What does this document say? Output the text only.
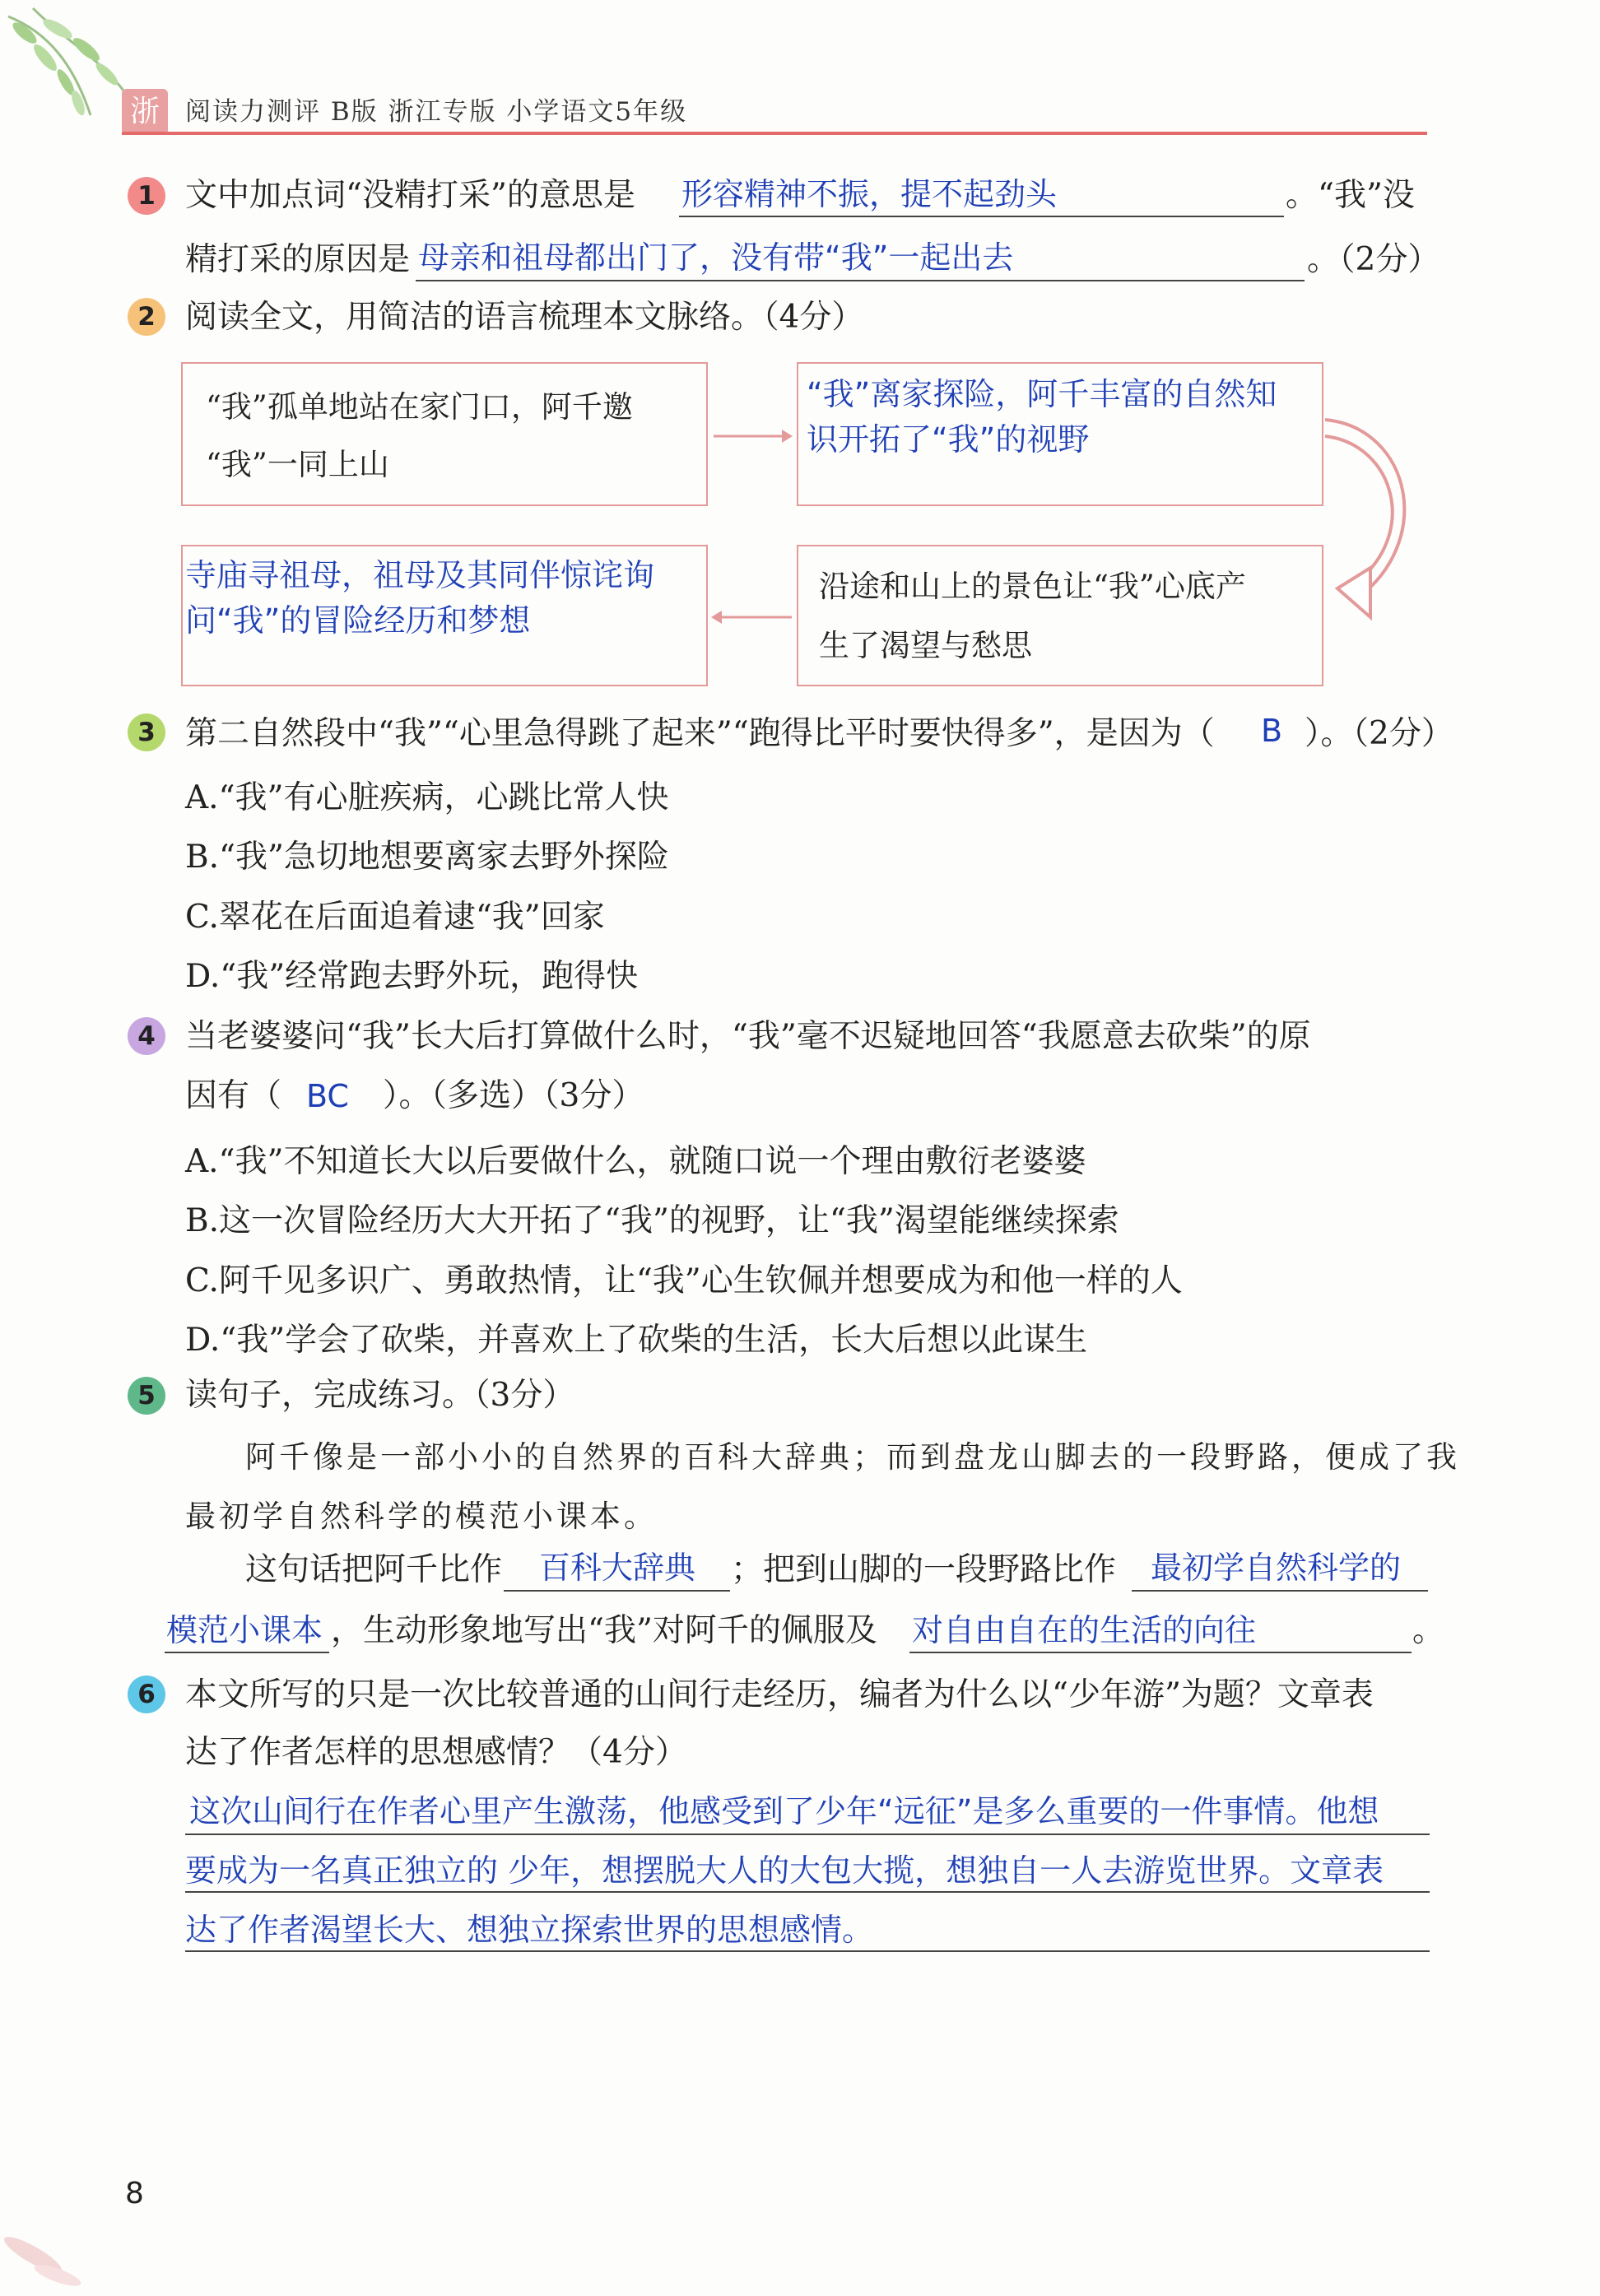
浙	阅读力测评 B版 浙江专版 小学语文5年级
1 文中加点词“没精打采”的意思是 形容精神不振，提不起劲头	。“我”没
精打采的原因是 母亲和祖母都出门了，没有带“我”一起出去	。（2分）
2 阅读全文，用简洁的语言梳理本文脉络。（4分）
“我”孤单地站在家门口，阿千邀
“我”一同上山
“我”离家探险，阿千丰富的自然知
识开拓了“我”的视野
沿途和山上的景色让“我”心底产
生了渴望与愁思
寺庙寻祖母，祖母及其同伴惊诧询
问“我”的冒险经历和梦想
3 第二自然段中“我”“心里急得跳了起来”“跑得比平时要快得多”，是因为（ B ）。（2分）
A.“我”有心脏疾病，心跳比常人快
B.“我”急切地想要离家去野外探险
C.翠花在后面追着逮“我”回家
D.“我”经常跑去野外玩，跑得快
4 当老婆婆问“我”长大后打算做什么时，“我”毫不迟疑地回答“我愿意去砍柴”的原
因有（ BC ）。（多选）（3分）
A.“我”不知道长大以后要做什么，就随口说一个理由敷衍老婆婆
B.这一次冒险经历大大开拓了“我”的视野，让“我”渴望能继续探索
C.阿千见多识广、勇敢热情，让“我”心生钦佩并想要成为和他一样的人
D.“我”学会了砍柴，并喜欢上了砍柴的生活，长大后想以此谋生
5 读句子，完成练习。（3分）
阿千像是一部小小的自然界的百科大辞典；而到盘龙山脚去的一段野路，便成了我
最初学自然科学的模范小课本。
这句话把阿千比作 百科大辞典 ；把到山脚的一段野路比作 最初学自然科学的
模范小课本 ，生动形象地写出“我”对阿千的佩服及 对自由自在的生活的向往	。
6 本文所写的只是一次比较普通的山间行走经历，编者为什么以“少年游”为题？文章表
达了作者怎样的思想感情？（4分）
这次山间行在作者心里产生激荡，他感受到了少年“远征”是多么重要的一件事情。他想
要成为一名真正独立的 少年，想摆脱大人的大包大揽，想独自一人去游览世界。文章表
达了作者渴望长大、想独立探索世界的思想感情。
8
